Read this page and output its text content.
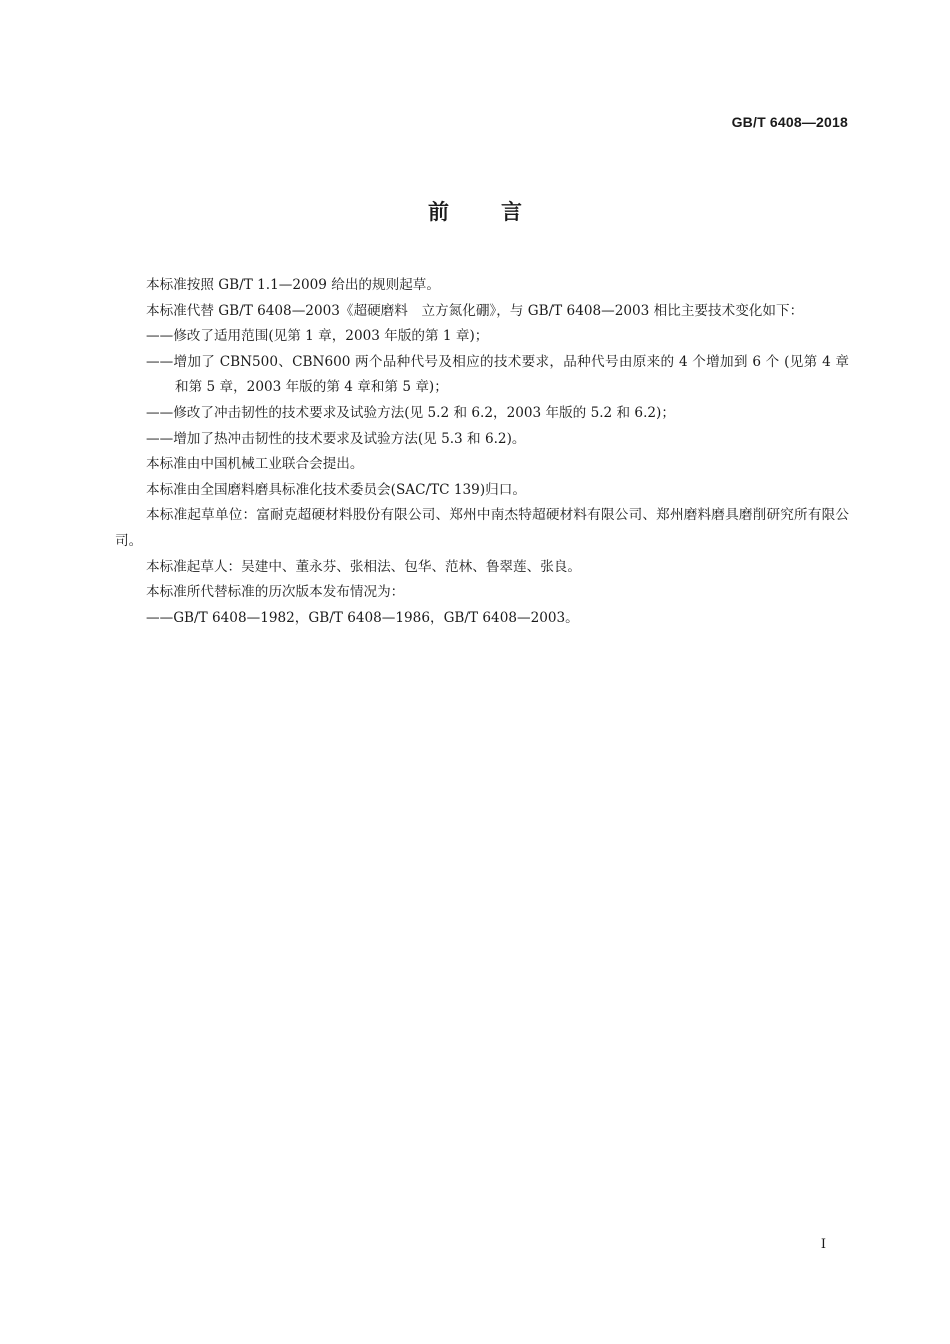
GB/T 6408—2018
前 言

本标准按照 GB/T 1.1—2009 给出的规则起草。

本标准代替 GB/T 6408—2003《超硬磨料　立方氮化硼》，与 GB/T 6408—2003 相比主要技术变化如下：

——修改了适用范围(见第 1 章，2003 年版的第 1 章)；

——增加了 CBN500、CBN600 两个品种代号及相应的技术要求，品种代号由原来的 4 个增加到 6 个 (见第 4 章和第 5 章，2003 年版的第 4 章和第 5 章)；

——修改了冲击韧性的技术要求及试验方法(见 5.2 和 6.2，2003 年版的 5.2 和 6.2)；

——增加了热冲击韧性的技术要求及试验方法(见 5.3 和 6.2)。

本标准由中国机械工业联合会提出。

本标准由全国磨料磨具标准化技术委员会(SAC/TC 139)归口。

本标准起草单位：富耐克超硬材料股份有限公司、郑州中南杰特超硬材料有限公司、郑州磨料磨具磨削研究所有限公司。

本标准起草人：吴建中、董永芬、张相法、包华、范林、鲁翠莲、张良。

本标准所代替标准的历次版本发布情况为：

——GB/T 6408—1982，GB/T 6408—1986，GB/T 6408—2003。

I
